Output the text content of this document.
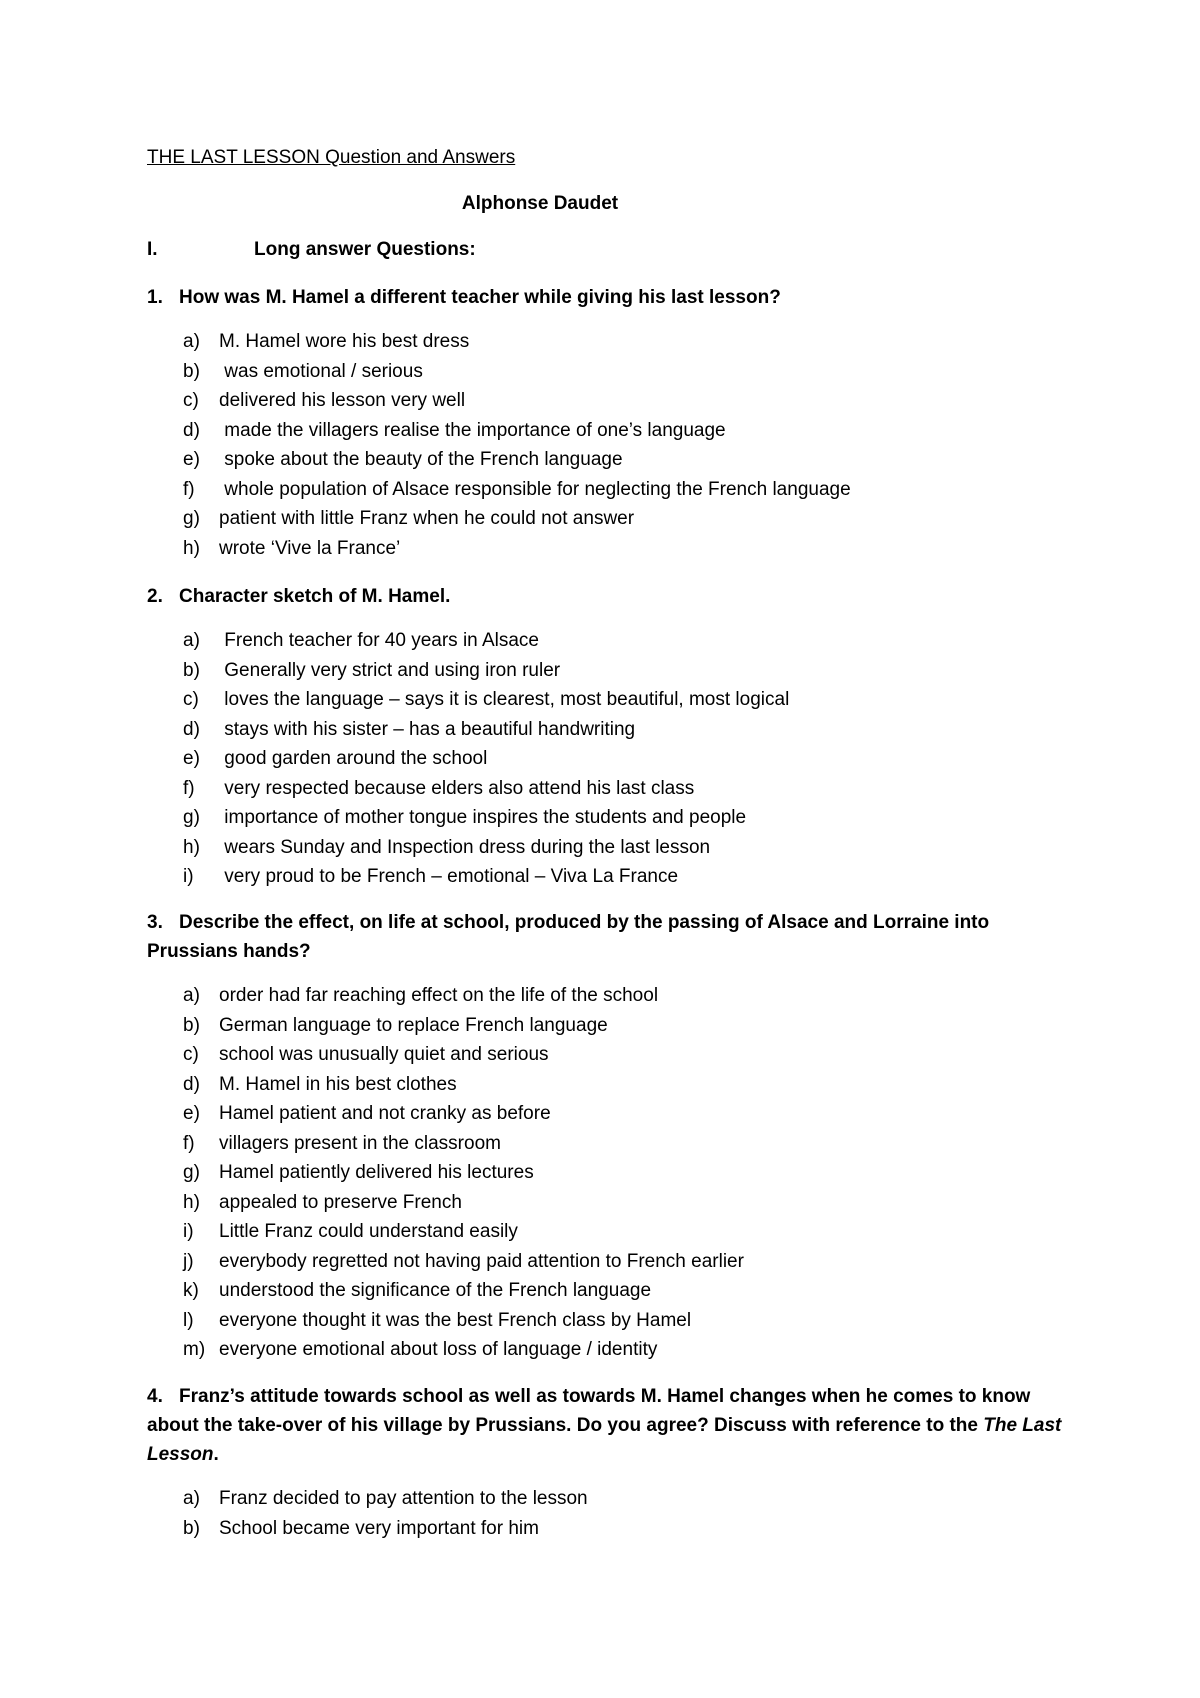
THE LAST LESSON Question and Answers
Alphonse Daudet
I.	Long answer Questions:
1. How was M. Hamel a different teacher while giving his last lesson?
a) M. Hamel wore his best dress
b) was emotional / serious
c) delivered his lesson very well
d) made the villagers realise the importance of one’s language
e) spoke about the beauty of the French language
f) whole population of Alsace responsible for neglecting the French language
g) patient with little Franz when he could not answer
h) wrote ‘Vive la France’
2. Character sketch of M. Hamel.
a) French teacher for 40 years in Alsace
b) Generally very strict and using iron ruler
c) loves the language – says it is clearest, most beautiful, most logical
d) stays with his sister – has a beautiful handwriting
e) good garden around the school
f) very respected because elders also attend his last class
g) importance of mother tongue inspires the students and people
h) wears Sunday and Inspection dress during the last lesson
i) very proud to be French – emotional – Viva La France
3. Describe the effect, on life at school, produced by the passing of Alsace and Lorraine into Prussians hands?
a) order had far reaching effect on the life of the school
b) German language to replace French language
c) school was unusually quiet and serious
d) M. Hamel in his best clothes
e) Hamel patient and not cranky as before
f) villagers present in the classroom
g) Hamel patiently delivered his lectures
h) appealed to preserve French
i) Little Franz could understand easily
j) everybody regretted not having paid attention to French earlier
k) understood the significance of the French language
l) everyone thought it was the best French class by Hamel
m) everyone emotional about loss of language / identity
4. Franz’s attitude towards school as well as towards M. Hamel changes when he comes to know about the take-over of his village by Prussians. Do you agree? Discuss with reference to the The Last Lesson.
a) Franz decided to pay attention to the lesson
b) School became very important for him
